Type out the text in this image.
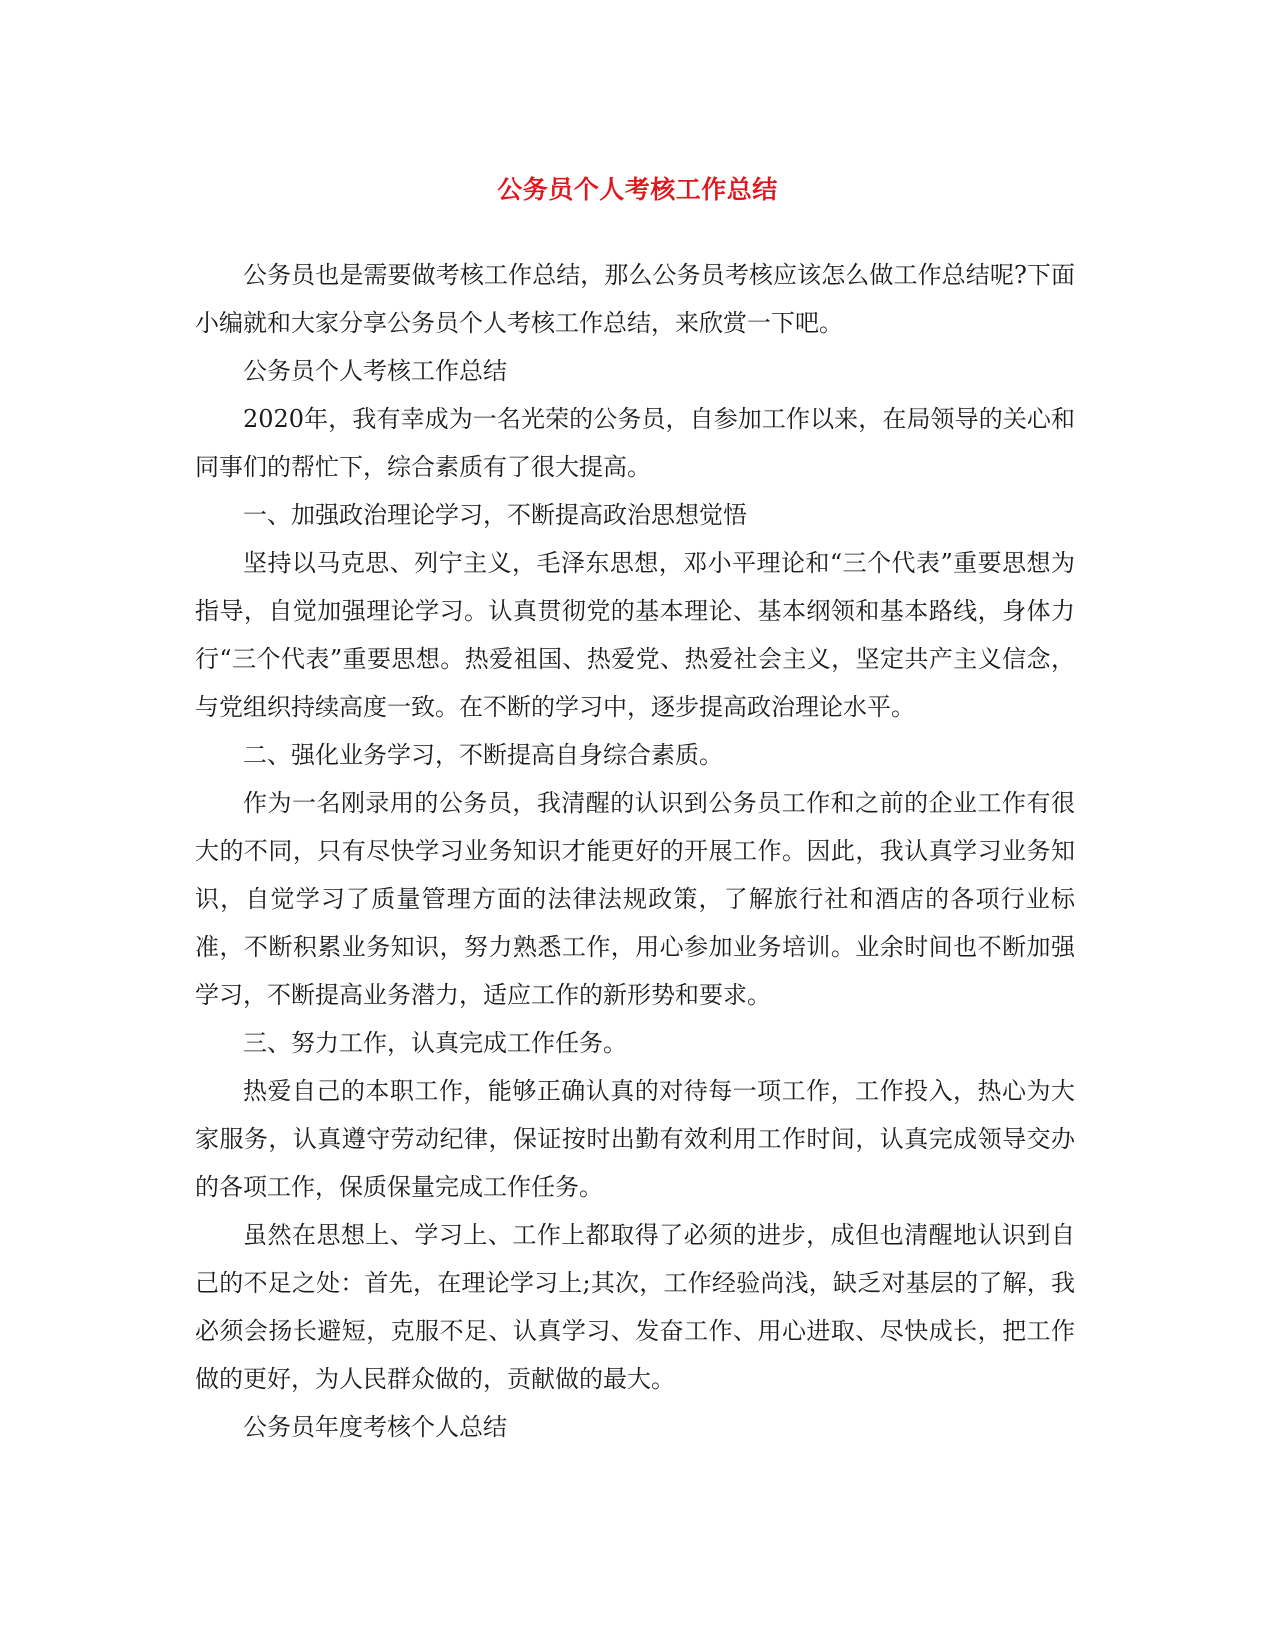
公务员个人考核工作总结

公务员也是需要做考核工作总结，那么公务员考核应该怎么做工作总结呢?下面小编就和大家分享公务员个人考核工作总结，来欣赏一下吧。

公务员个人考核工作总结

2020年，我有幸成为一名光荣的公务员，自参加工作以来，在局领导的关心和同事们的帮忙下，综合素质有了很大提高。

一、加强政治理论学习，不断提高政治思想觉悟

坚持以马克思、列宁主义，毛泽东思想，邓小平理论和“三个代表”重要思想为指导，自觉加强理论学习。认真贯彻党的基本理论、基本纲领和基本路线，身体力行“三个代表”重要思想。热爱祖国、热爱党、热爱社会主义，坚定共产主义信念，与党组织持续高度一致。在不断的学习中，逐步提高政治理论水平。

二、强化业务学习，不断提高自身综合素质。

作为一名刚录用的公务员，我清醒的认识到公务员工作和之前的企业工作有很大的不同，只有尽快学习业务知识才能更好的开展工作。因此，我认真学习业务知识，自觉学习了质量管理方面的法律法规政策，了解旅行社和酒店的各项行业标准，不断积累业务知识，努力熟悉工作，用心参加业务培训。业余时间也不断加强学习，不断提高业务潜力，适应工作的新形势和要求。

三、努力工作，认真完成工作任务。

热爱自己的本职工作，能够正确认真的对待每一项工作，工作投入，热心为大家服务，认真遵守劳动纪律，保证按时出勤有效利用工作时间，认真完成领导交办的各项工作，保质保量完成工作任务。

虽然在思想上、学习上、工作上都取得了必须的进步，成但也清醒地认识到自己的不足之处：首先，在理论学习上;其次，工作经验尚浅，缺乏对基层的了解，我必须会扬长避短，克服不足、认真学习、发奋工作、用心进取、尽快成长，把工作做的更好，为人民群众做的，贡献做的最大。

公务员年度考核个人总结
